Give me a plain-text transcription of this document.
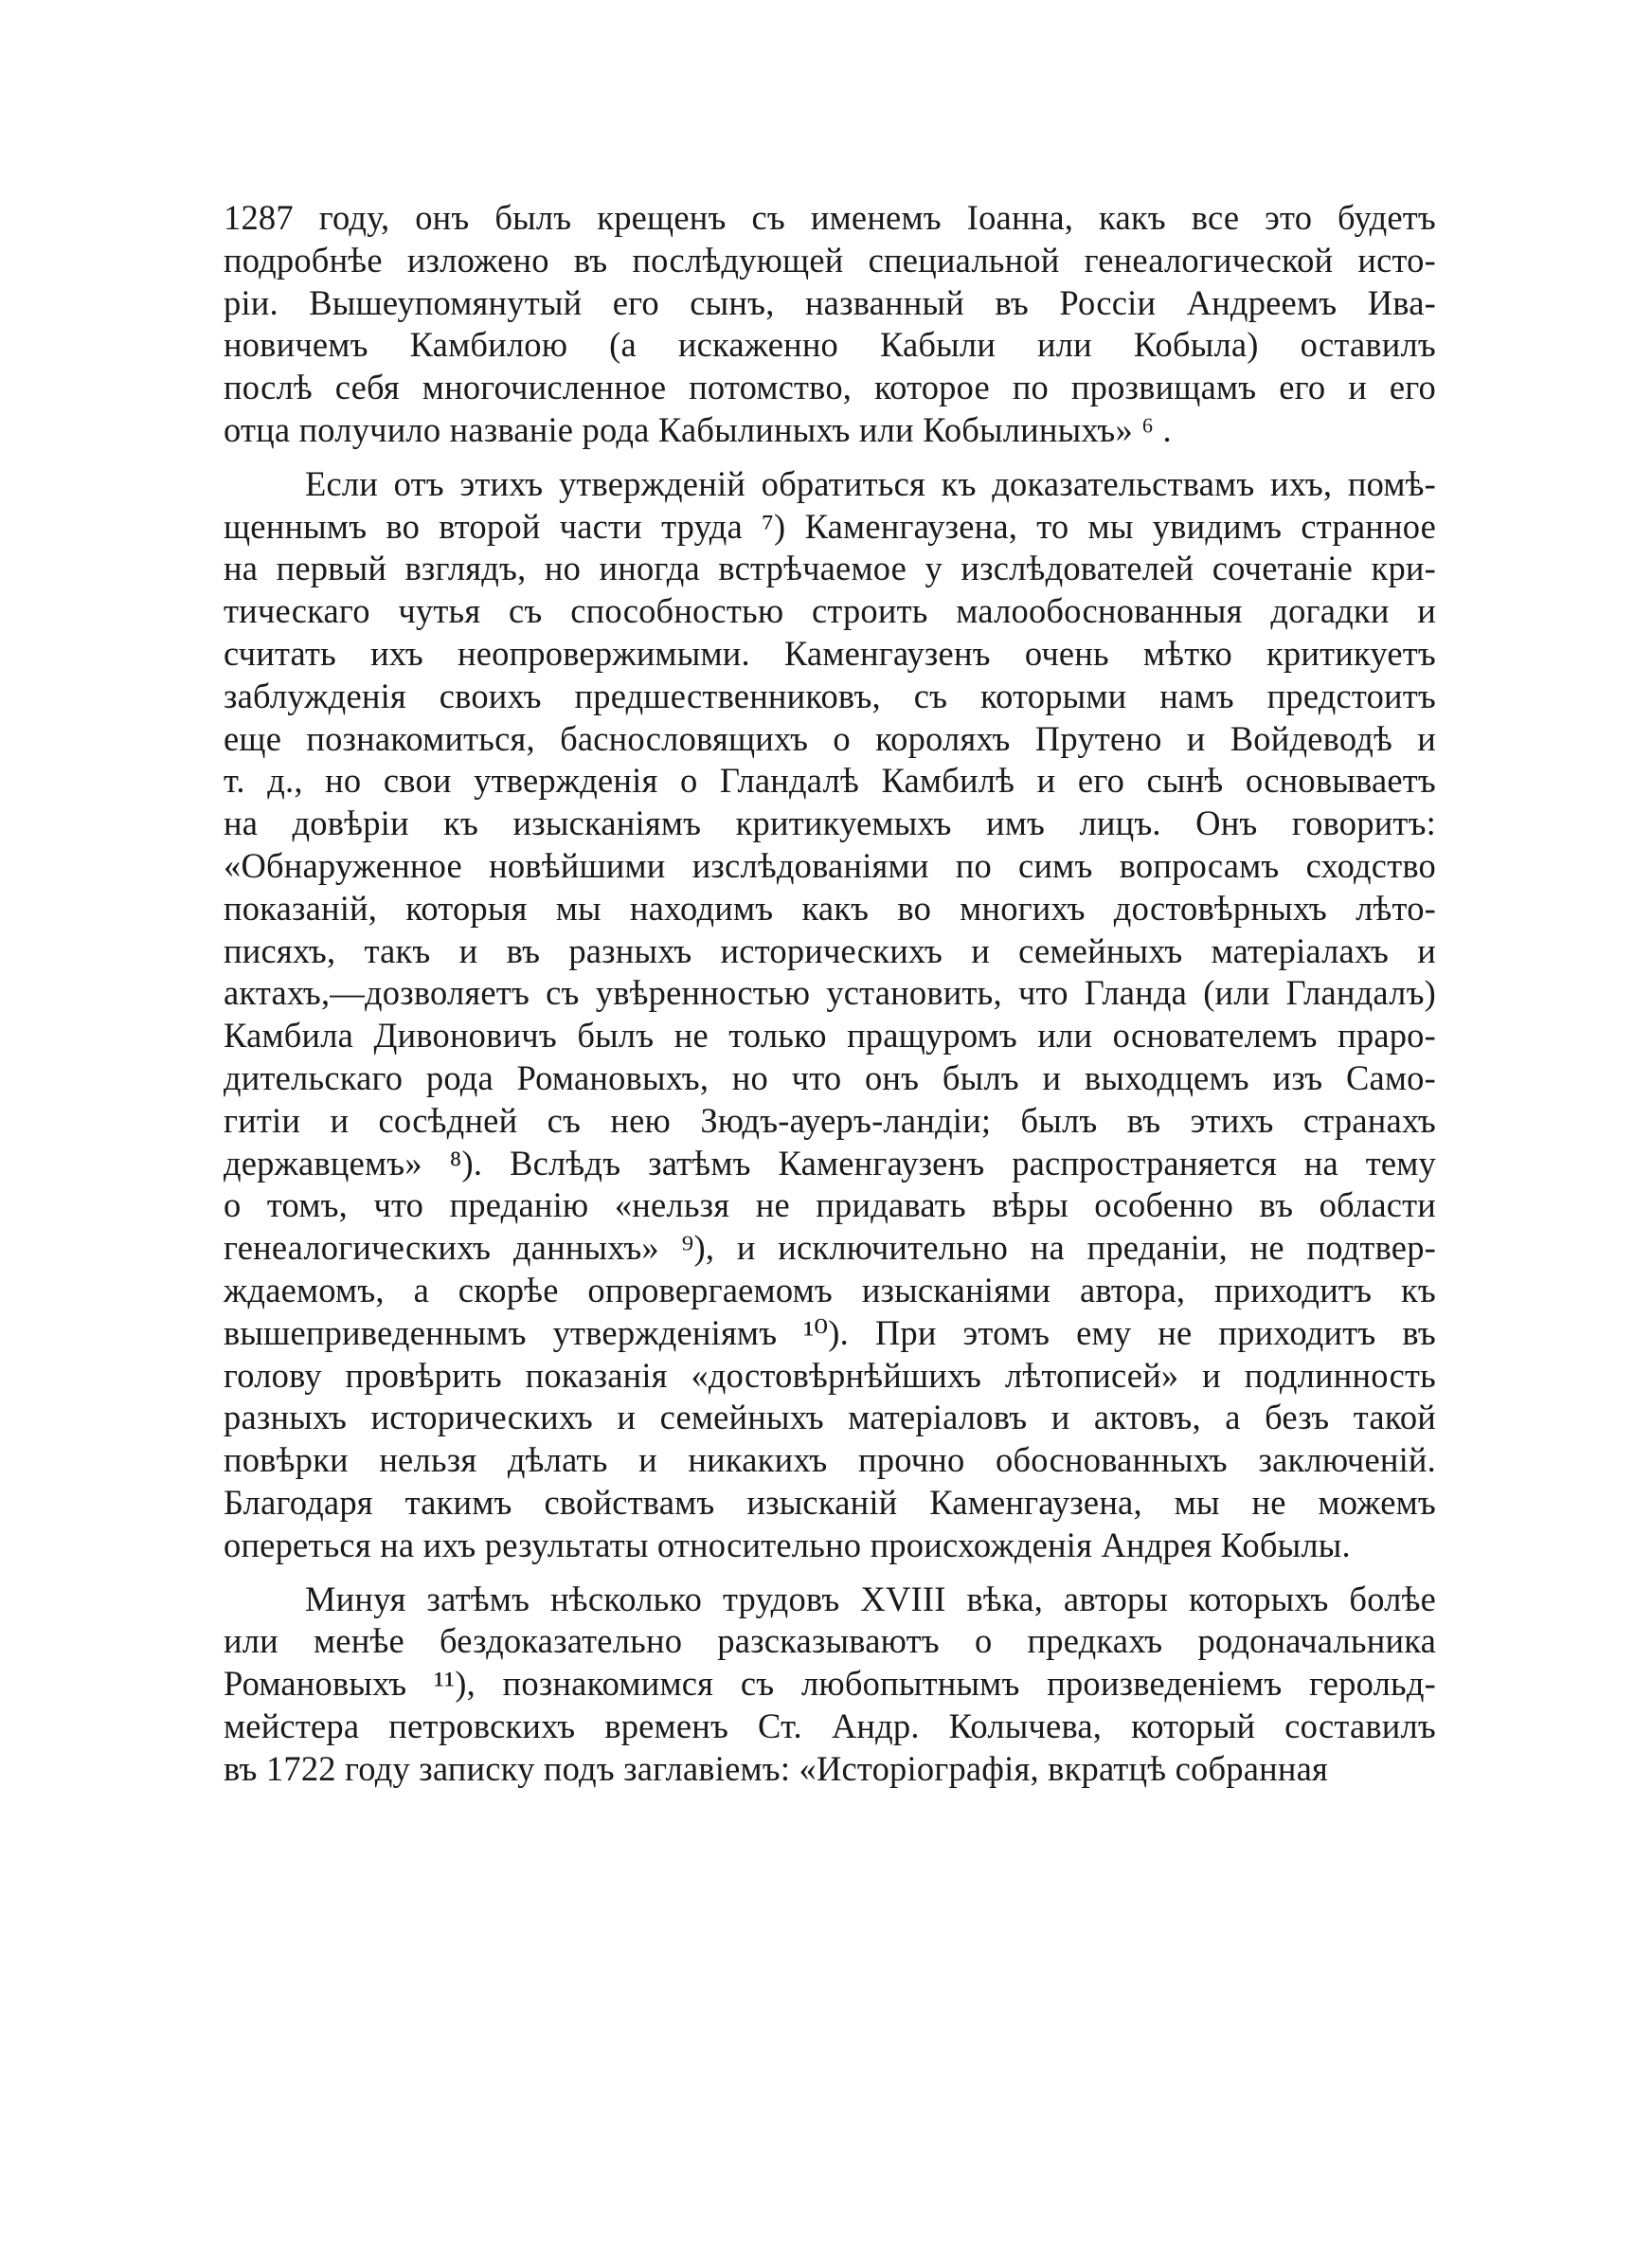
1287 году, онъ былъ крещенъ съ именемъ Іоанна, какъ все это будетъ
подробнѣе изложено въ послѣдующей специальной генеалогической исто-
ріи. Вышеупомянутый его сынъ, названный въ Россіи Андреемъ Ива-
новичемъ Камбилою (а искаженно Кабыли или Кобыла) оставилъ
послѣ себя многочисленное потомство, которое по прозвищамъ его и его
отца получило названіе рода Кабылиныхъ или Кобылиныхъ» ⁶ .
Если отъ этихъ утвержденій обратиться къ доказательствамъ ихъ, помѣ-
щеннымъ во второй части труда ⁷) Каменгаузена, то мы увидимъ странное
на первый взглядъ, но иногда встрѣчаемое у изслѣдователей сочетаніе кри-
тическаго чутья съ способностью строить малообоснованныя догадки и
считать ихъ неопровержимыми. Каменгаузенъ очень мѣтко критикуетъ
заблужденія своихъ предшественниковъ, съ которыми намъ предстоитъ
еще познакомиться, баснословящихъ о короляхъ Прутено и Войдеводѣ и
т. д., но свои утвержденія о Гландалѣ Камбилѣ и его сынѣ основываетъ
на довѣріи къ изысканіямъ критикуемыхъ имъ лицъ. Онъ говоритъ:
«Обнаруженное новѣйшими изслѣдованіями по симъ вопросамъ сходство
показаній, которыя мы находимъ какъ во многихъ достовѣрныхъ лѣто-
писяхъ, такъ и въ разныхъ историческихъ и семейныхъ матеріалахъ и
актахъ,—дозволяетъ съ увѣренностью установить, что Гланда (или Гландалъ)
Камбила Дивоновичъ былъ не только пращуромъ или основателемъ праро-
дительскаго рода Романовыхъ, но что онъ былъ и выходцемъ изъ Само-
гитіи и сосѣдней съ нею Зюдъ-ауеръ-ландіи; былъ въ этихъ странахъ
державцемъ» ⁸). Вслѣдъ затѣмъ Каменгаузенъ распространяется на тему
о томъ, что преданію «нельзя не придавать вѣры особенно въ области
генеалогическихъ данныхъ» ⁹), и исключительно на преданіи, не подтвер-
ждаемомъ, а скорѣе опровергаемомъ изысканіями автора, приходитъ къ
вышеприведеннымъ утвержденіямъ ¹⁰). При этомъ ему не приходитъ въ
голову провѣрить показанія «достовѣрнѣйшихъ лѣтописей» и подлинность
разныхъ историческихъ и семейныхъ матеріаловъ и актовъ, а безъ такой
повѣрки нельзя дѣлать и никакихъ прочно обоснованныхъ заключеній.
Благодаря такимъ свойствамъ изысканій Каменгаузена, мы не можемъ
опереться на ихъ результаты относительно происхожденія Андрея Кобылы.
Минуя затѣмъ нѣсколько трудовъ XVIII вѣка, авторы которыхъ болѣе
или менѣе бездоказательно разсказываютъ о предкахъ родоначальника
Романовыхъ ¹¹), познакомимся съ любопытнымъ произведеніемъ герольд-
мейстера петровскихъ временъ Ст. Андр. Колычева, который составилъ
въ 1722 году записку подъ заглавіемъ: «Исторіографія, вкратцѣ собранная
